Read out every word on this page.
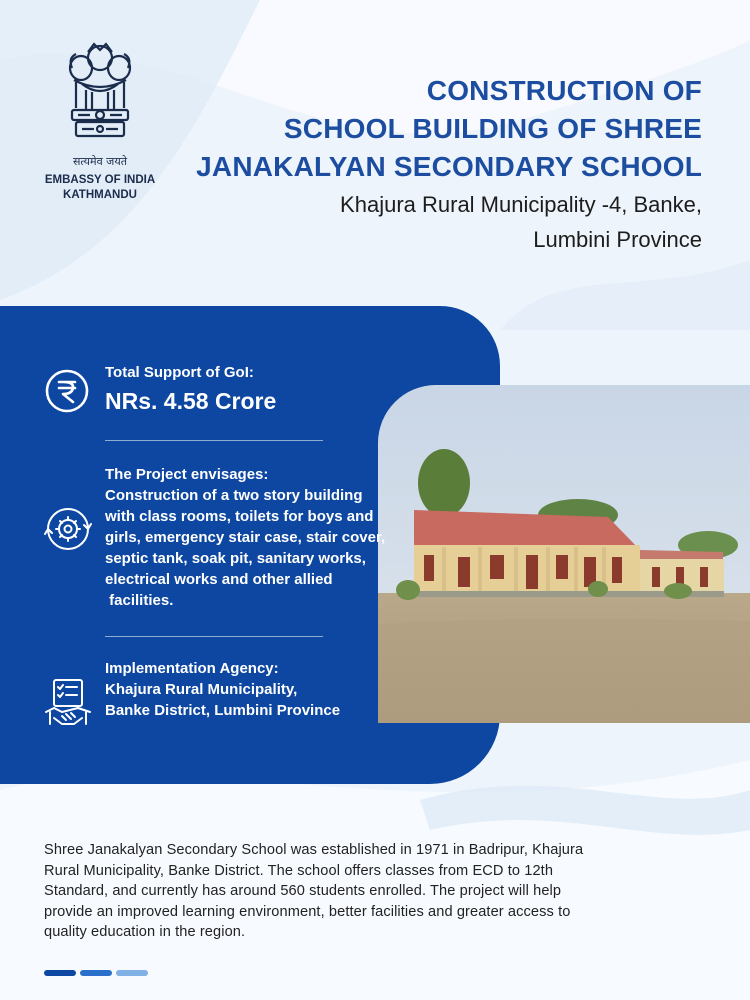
सत्यमेव जयते
EMBASSY OF INDIA
KATHMANDU
CONSTRUCTION OF
SCHOOL BUILDING OF SHREE
JANAKALYAN SECONDARY SCHOOL
Khajura Rural Municipality -4, Banke,
Lumbini Province
Total Support of GoI:
NRs. 4.58 Crore
The Project envisages:
Construction of a two story building
with class rooms, toilets for boys and
girls, emergency stair case, stair cover,
septic tank, soak pit, sanitary works,
electrical works and other allied
facilities.
Implementation Agency:
Khajura Rural Municipality,
Banke District, Lumbini Province
Shree Janakalyan Secondary School was established in 1971 in Badripur, Khajura
Rural Municipality, Banke District. The school offers classes from ECD to 12th
Standard, and currently has around 560 students enrolled. The project will help
provide an improved learning environment, better facilities and greater access to
quality education in the region.
